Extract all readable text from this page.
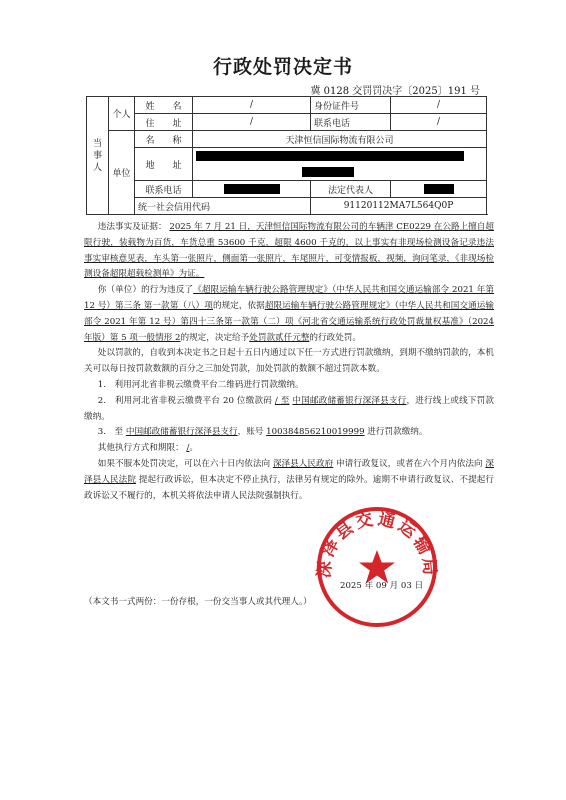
行政处罚决定书
冀 0128 交罚罚决字〔2025〕191 号
当事人	个人	姓　　名	/	身份证件号	/
		住　　址	/	联系电话	/
	单位	名　　称	天津恒信国际物流有限公司		
		地　　址			

		联系电话		法定代表人	
		统一社会信用代码		91120112MA7L564Q0P	

违法事实及证据： 2025 年 7 月 21 日，天津恒信国际物流有限公司的车辆津 CE0229 在公路上擅自超限行驶，装载物为百货，车货总重 53600 千克，超限 4600 千克的，以上事实有非现场检测设备记录违法事实审核意见表，车头第一张照片，侧面第一张照片，车尾照片，可变情报板，视频，询问笔录，《非现场检测设备超限超载检测单》为证。

你（单位）的行为违反了《超限运输车辆行驶公路管理规定》（中华人民共和国交通运输部令 2021 年第 12 号）第三条 第一款第（八）项的规定，依据超限运输车辆行驶公路管理规定》（中华人民共和国交通运输部令 2021 年第 12 号）第四十三条第一款第（二）项《河北省交通运输系统行政处罚裁量权基准》（2024 年版）第 5 项一般情形 2的规定，决定给予处罚款贰仟元整的行政处罚。

处以罚款的，自收到本决定书之日起十五日内通过以下任一方式进行罚款缴纳，到期不缴纳罚款的，本机关可以每日按罚款数额的百分之三加处罚款，加处罚款的数额不超过罚款本数。

1.　利用河北省非税云缴费平台二维码进行罚款缴纳。

2.　利用河北省非税云缴费平台 20 位缴款码 / 至 中国邮政储蓄银行深泽县支行，进行线上或线下罚款缴纳。

3.　至 中国邮政储蓄银行深泽县支行，账号 100384856210019999 进行罚款缴纳。

其他执行方式和期限： /。

如果不服本处罚决定，可以在六十日内依法向 深泽县人民政府 申请行政复议，或者在六个月内依法向 深泽县人民法院 提起行政诉讼，但本决定不停止执行，法律另有规定的除外。逾期不申请行政复议、不提起行政诉讼又不履行的，本机关将依法申请人民法院强制执行。

深泽县交通运输局
2025 年 09 月 03 日
（本文书一式两份：一份存根，一份交当事人或其代理人。）
